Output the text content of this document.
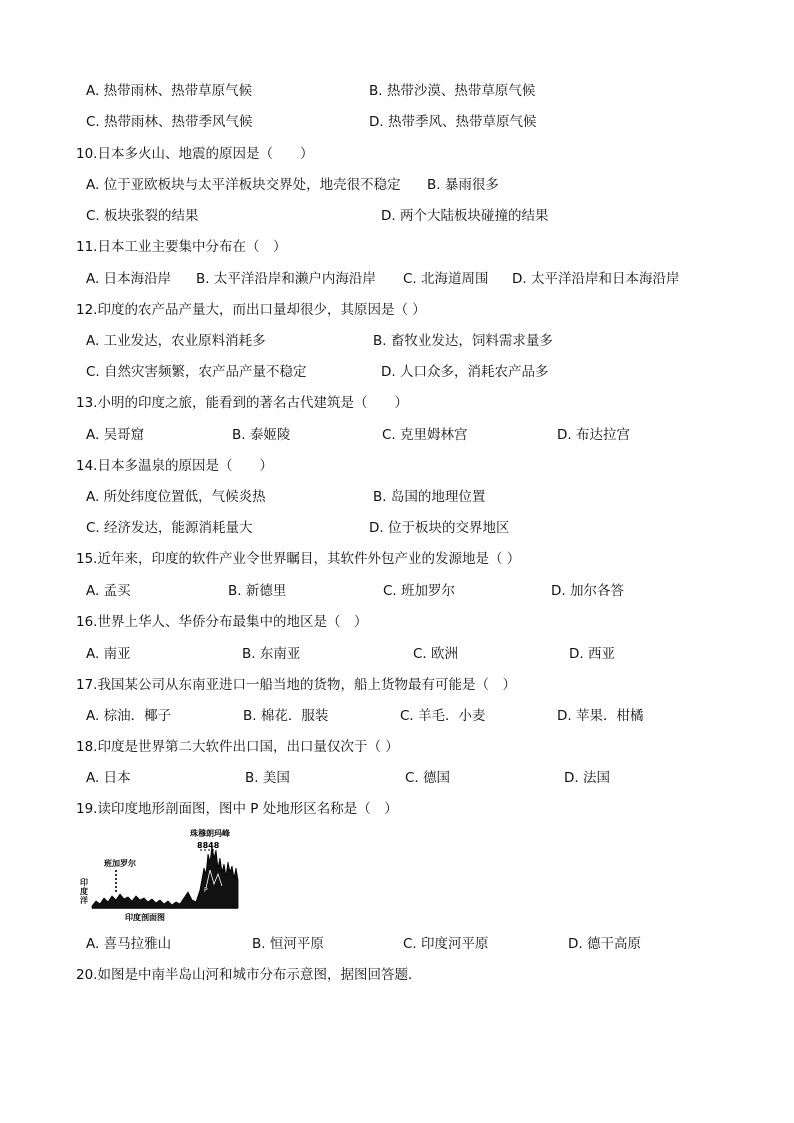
A. 热带雨林、热带草原气候	B. 热带沙漠、热带草原气候
C. 热带雨林、热带季风气候	D. 热带季风、热带草原气候
10.日本多火山、地震的原因是（　　）
A. 位于亚欧板块与太平洋板块交界处，地壳很不稳定 B. 暴雨很多
C. 板块张裂的结果	D. 两个大陆板块碰撞的结果
11.日本工业主要集中分布在（　）
A. 日本海沿岸 B. 太平洋沿岸和濑户内海沿岸 C. 北海道周围 D. 太平洋沿岸和日本海沿岸
12.印度的农产品产量大，而出口量却很少，其原因是（ ）
A. 工业发达，农业原料消耗多	B. 畜牧业发达，饲料需求量多
C. 自然灾害频繁，农产品产量不稳定	D. 人口众多，消耗农产品多
13.小明的印度之旅，能看到的著名古代建筑是（　　）
A. 吴哥窟	B. 泰姬陵	C. 克里姆林宫	D. 布达拉宫
14.日本多温泉的原因是（　　）
A. 所处纬度位置低，气候炎热	B. 岛国的地理位置
C. 经济发达，能源消耗量大	D. 位于板块的交界地区
15.近年来，印度的软件产业令世界瞩目，其软件外包产业的发源地是（ ）
A. 孟买	B. 新德里	C. 班加罗尔	D. 加尔各答
16.世界上华人、华侨分布最集中的地区是（　）
A. 南亚	B. 东南亚	C. 欧洲	D. 西亚
17.我国某公司从东南亚进口一船当地的货物，船上货物最有可能是（　）
A. 棕油．椰子	B. 棉花．服装	C. 羊毛．小麦	D. 苹果．柑橘
18.印度是世界第二大软件出口国，出口量仅次于（ ）
A. 日本	B. 美国	C. 德国	D. 法国
19.读印度地形剖面图，图中 P 处地形区名称是（　）
珠穆朗玛峰
8848
班加罗尔
P
印度剖面图
印度洋
A. 喜马拉雅山	B. 恒河平原	C. 印度河平原	D. 德干高原
20.如图是中南半岛山河和城市分布示意图，据图回答题.
